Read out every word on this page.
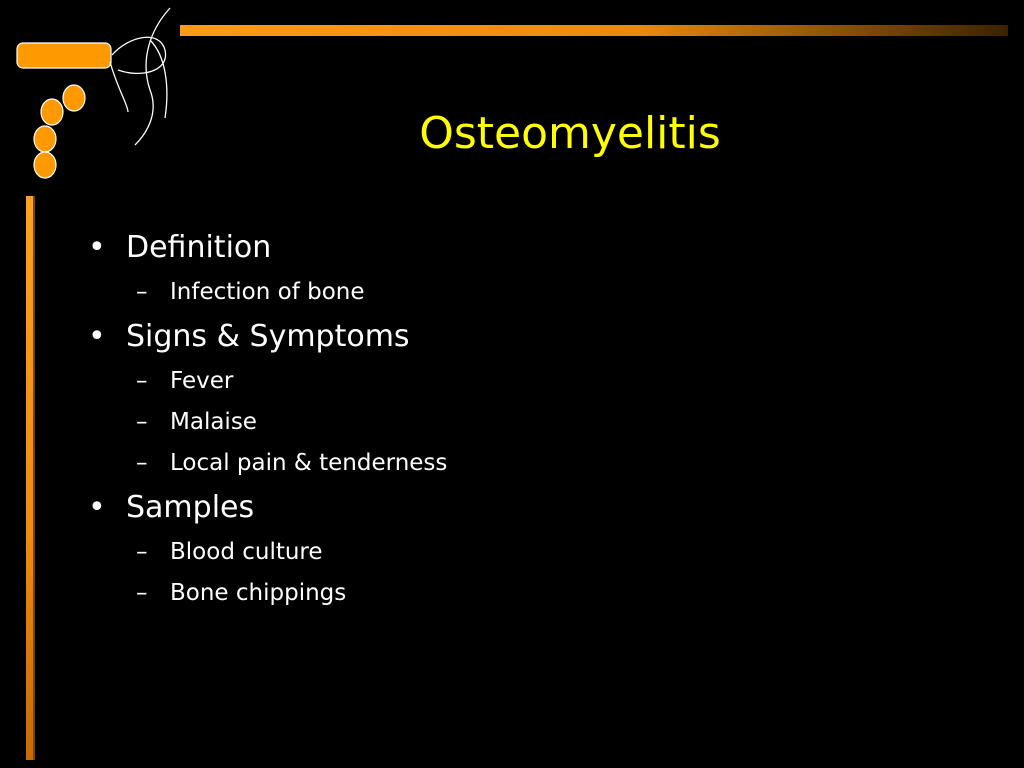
Osteomyelitis
• Definition
– Infection of bone
• Signs & Symptoms
– Fever
– Malaise
– Local pain & tenderness
• Samples
– Blood culture
– Bone chippings
